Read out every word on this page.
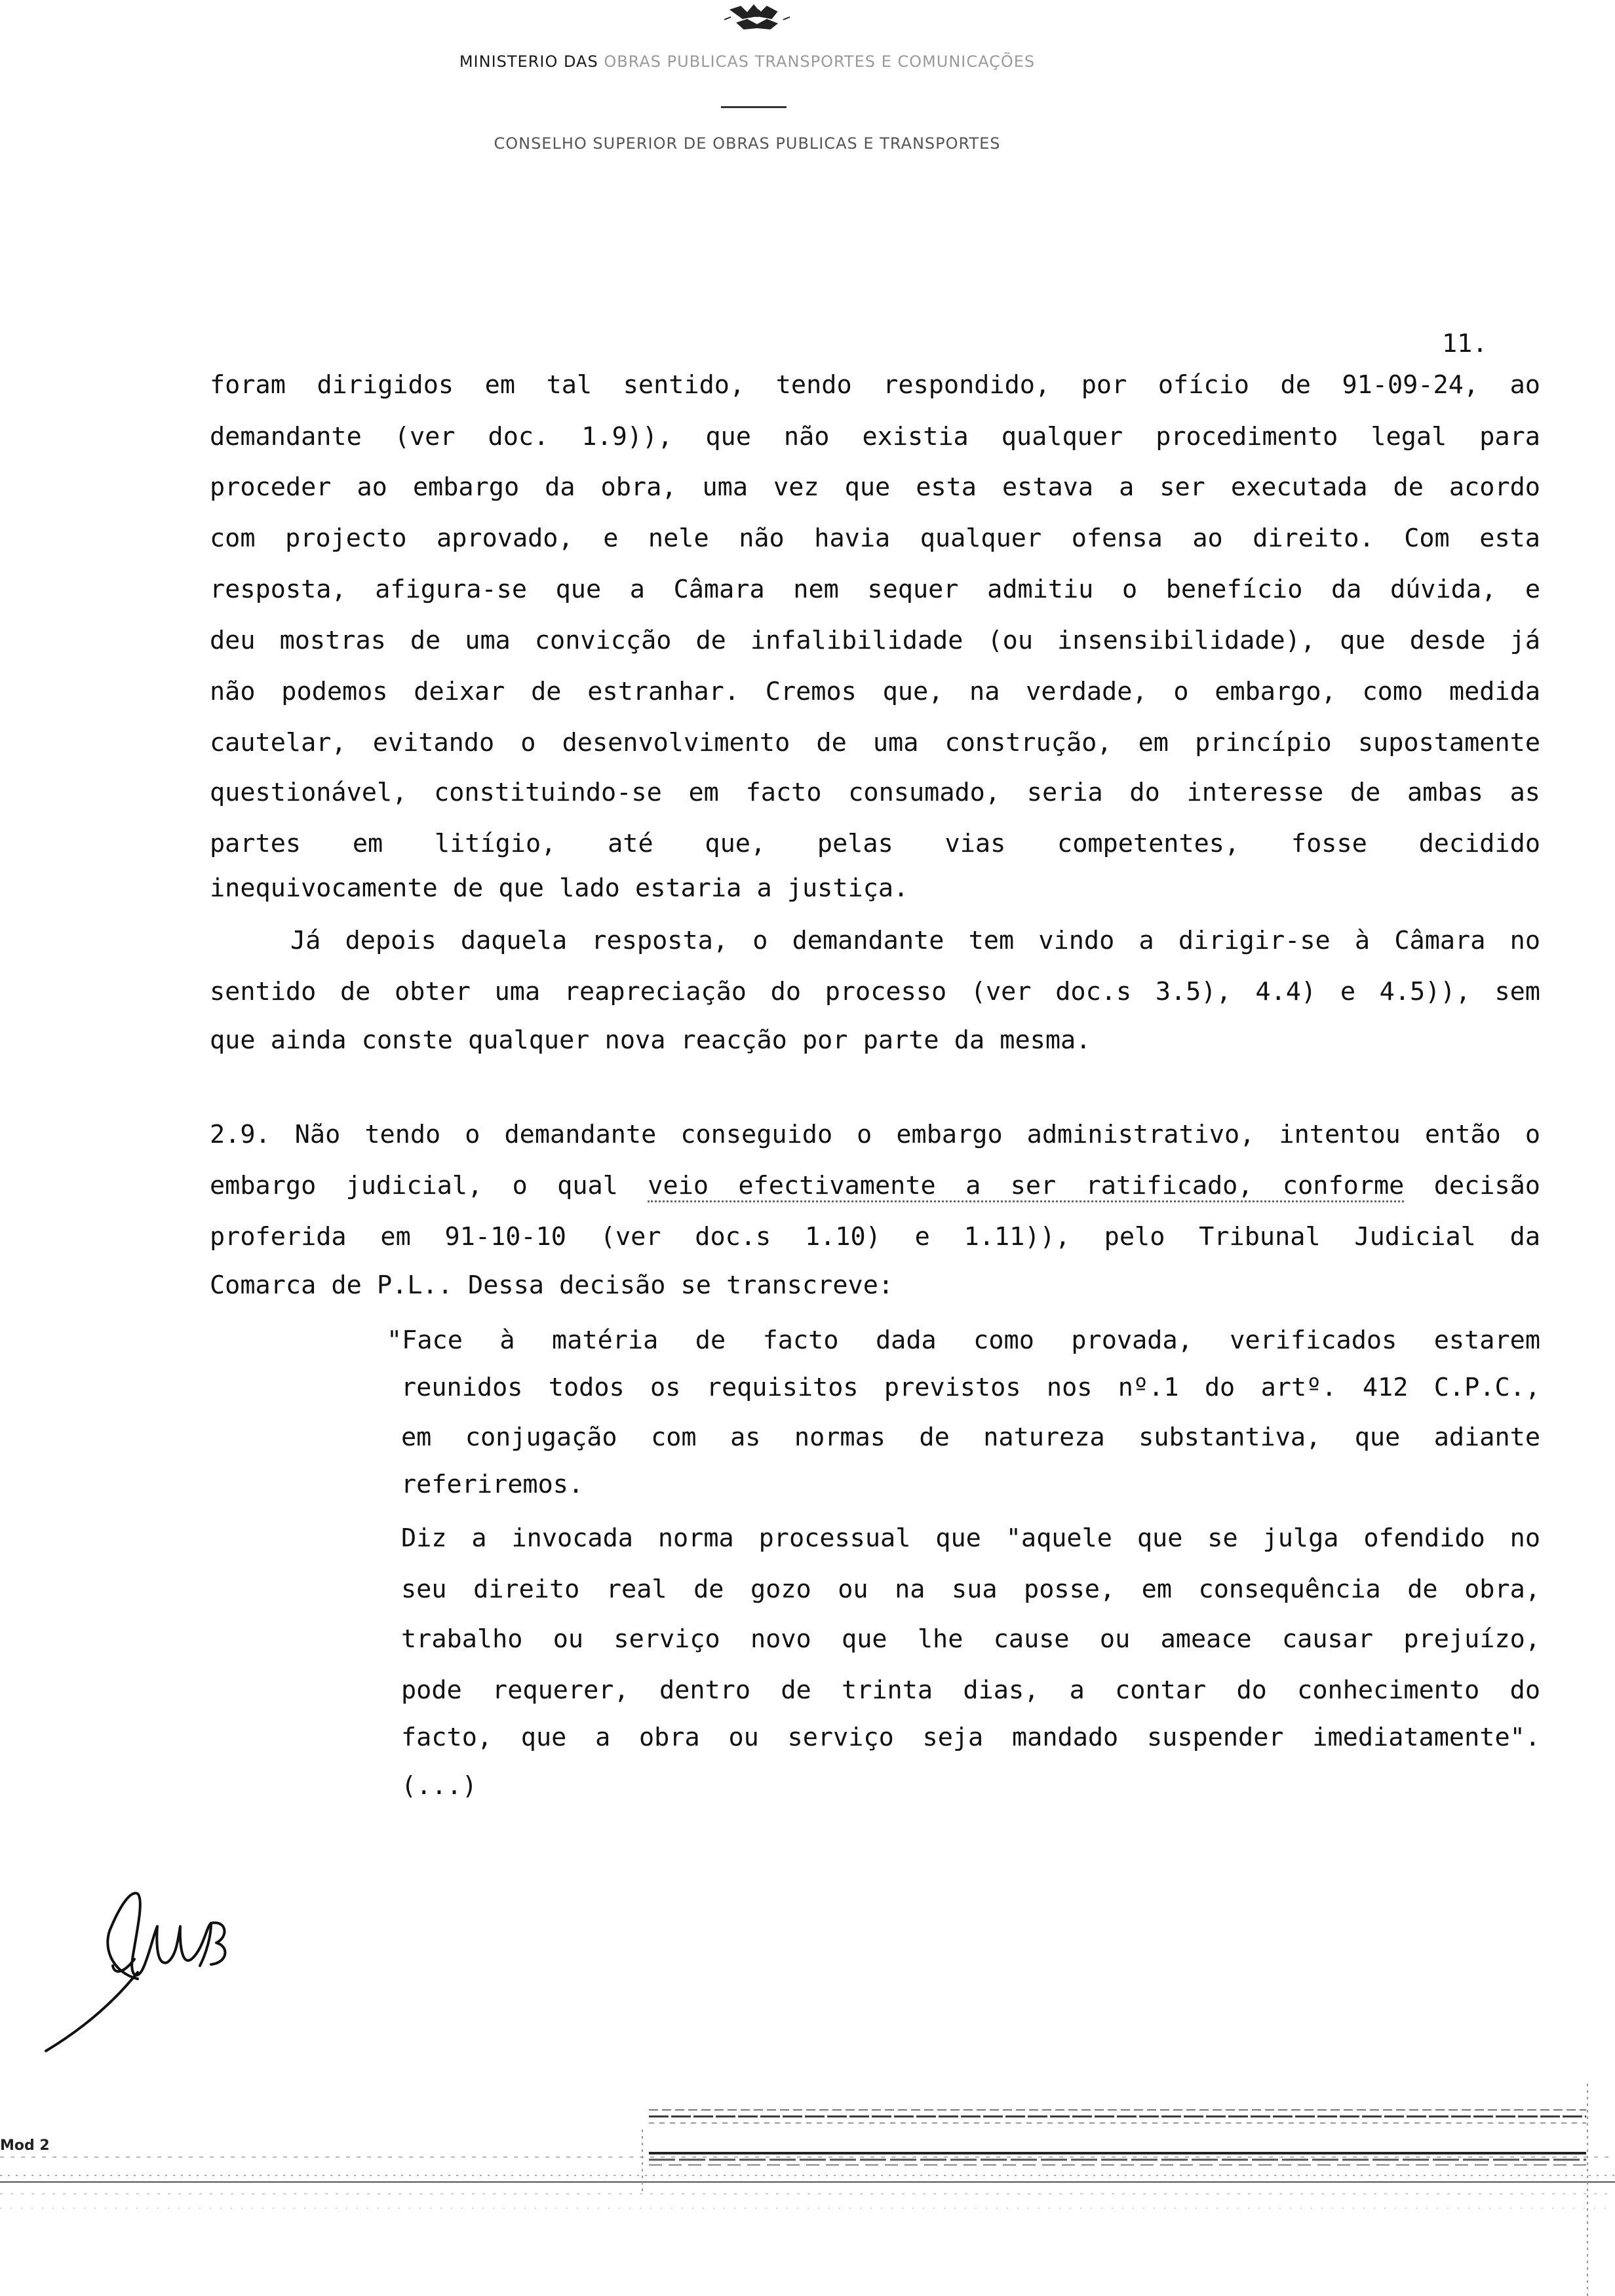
MINISTERIO DAS OBRAS PUBLICAS TRANSPORTES E COMUNICAÇÕES
CONSELHO SUPERIOR DE OBRAS PUBLICAS E TRANSPORTES
11.
foram dirigidos em tal sentido, tendo respondido, por ofício de 91-09-24, ao
demandante (ver doc. 1.9)), que não existia qualquer procedimento legal para
proceder ao embargo da obra, uma vez que esta estava a ser executada de acordo
com projecto aprovado, e nele não havia qualquer ofensa ao direito. Com esta
resposta, afigura-se que a Câmara nem sequer admitiu o benefício da dúvida, e
deu mostras de uma convicção de infalibilidade (ou insensibilidade), que desde já
não podemos deixar de estranhar. Cremos que, na verdade, o embargo, como medida
cautelar, evitando o desenvolvimento de uma construção, em princípio supostamente
questionável, constituindo-se em facto consumado, seria do interesse de ambas as
partes em litígio, até que, pelas vias competentes, fosse decidido
inequivocamente de que lado estaria a justiça.
Já depois daquela resposta, o demandante tem vindo a dirigir-se à Câmara no
sentido de obter uma reapreciação do processo (ver doc.s 3.5), 4.4) e 4.5)), sem
que ainda conste qualquer nova reacção por parte da mesma.
2.9. Não tendo o demandante conseguido o embargo administrativo, intentou então o
embargo judicial, o qual veio efectivamente a ser ratificado, conforme decisão
proferida em 91-10-10 (ver doc.s 1.10) e 1.11)), pelo Tribunal Judicial da
Comarca de P.L.. Dessa decisão se transcreve:
"Face à matéria de facto dada como provada, verificados estarem
reunidos todos os requisitos previstos nos nº.1 do artº. 412 C.P.C.,
em conjugação com as normas de natureza substantiva, que adiante
referiremos.
Diz a invocada norma processual que "aquele que se julga ofendido no
seu direito real de gozo ou na sua posse, em consequência de obra,
trabalho ou serviço novo que lhe cause ou ameace causar prejuízo,
pode requerer, dentro de trinta dias, a contar do conhecimento do
facto, que a obra ou serviço seja mandado suspender imediatamente".
(...)
Mod 2
